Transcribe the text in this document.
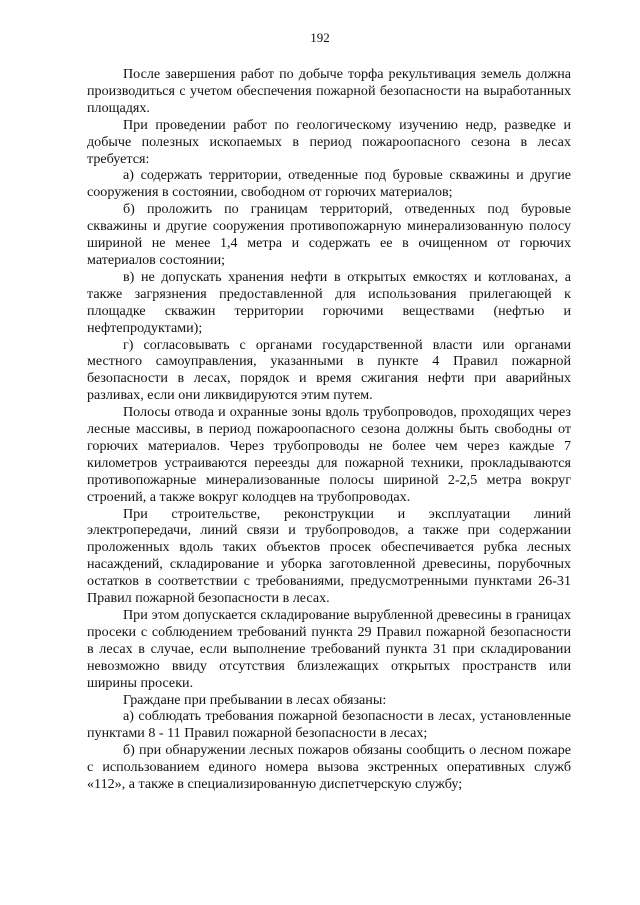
192

После завершения работ по добыче торфа рекультивация земель должна производиться с учетом обеспечения пожарной безопасности на выработанных площадях.

При проведении работ по геологическому изучению недр, разведке и добыче полезных ископаемых в период пожароопасного сезона в лесах требуется:

а) содержать территории, отведенные под буровые скважины и другие сооружения в состоянии, свободном от горючих материалов;

б) проложить по границам территорий, отведенных под буровые скважины и другие сооружения противопожарную минерализованную полосу шириной не менее 1,4 метра и содержать ее в очищенном от горючих материалов состоянии;

в) не допускать хранения нефти в открытых емкостях и котлованах, а также загрязнения предоставленной для использования прилегающей к площадке скважин территории горючими веществами (нефтью и нефтепродуктами);

г) согласовывать с органами государственной власти или органами местного самоуправления, указанными в пункте 4 Правил пожарной безопасности в лесах, порядок и время сжигания нефти при аварийных разливах, если они ликвидируются этим путем.

Полосы отвода и охранные зоны вдоль трубопроводов, проходящих через лесные массивы, в период пожароопасного сезона должны быть свободны от горючих материалов. Через трубопроводы не более чем через каждые 7 километров устраиваются переезды для пожарной техники, прокладываются противопожарные минерализованные полосы шириной 2-2,5 метра вокруг строений, а также вокруг колодцев на трубопроводах.

При строительстве, реконструкции и эксплуатации линий электропередачи, линий связи и трубопроводов, а также при содержании проложенных вдоль таких объектов просек обеспечивается рубка лесных насаждений, складирование и уборка заготовленной древесины, порубочных остатков в соответствии с требованиями, предусмотренными пунктами 26-31 Правил пожарной безопасности в лесах.

При этом допускается складирование вырубленной древесины в границах просеки с соблюдением требований пункта 29 Правил пожарной безопасности в лесах в случае, если выполнение требований пункта 31 при складировании невозможно ввиду отсутствия близлежащих открытых пространств или ширины просеки.

Граждане при пребывании в лесах обязаны:

а) соблюдать требования пожарной безопасности в лесах, установленные пунктами 8 - 11 Правил пожарной безопасности в лесах;

б) при обнаружении лесных пожаров обязаны сообщить о лесном пожаре с использованием единого номера вызова экстренных оперативных служб «112», а также в специализированную диспетчерскую службу;
